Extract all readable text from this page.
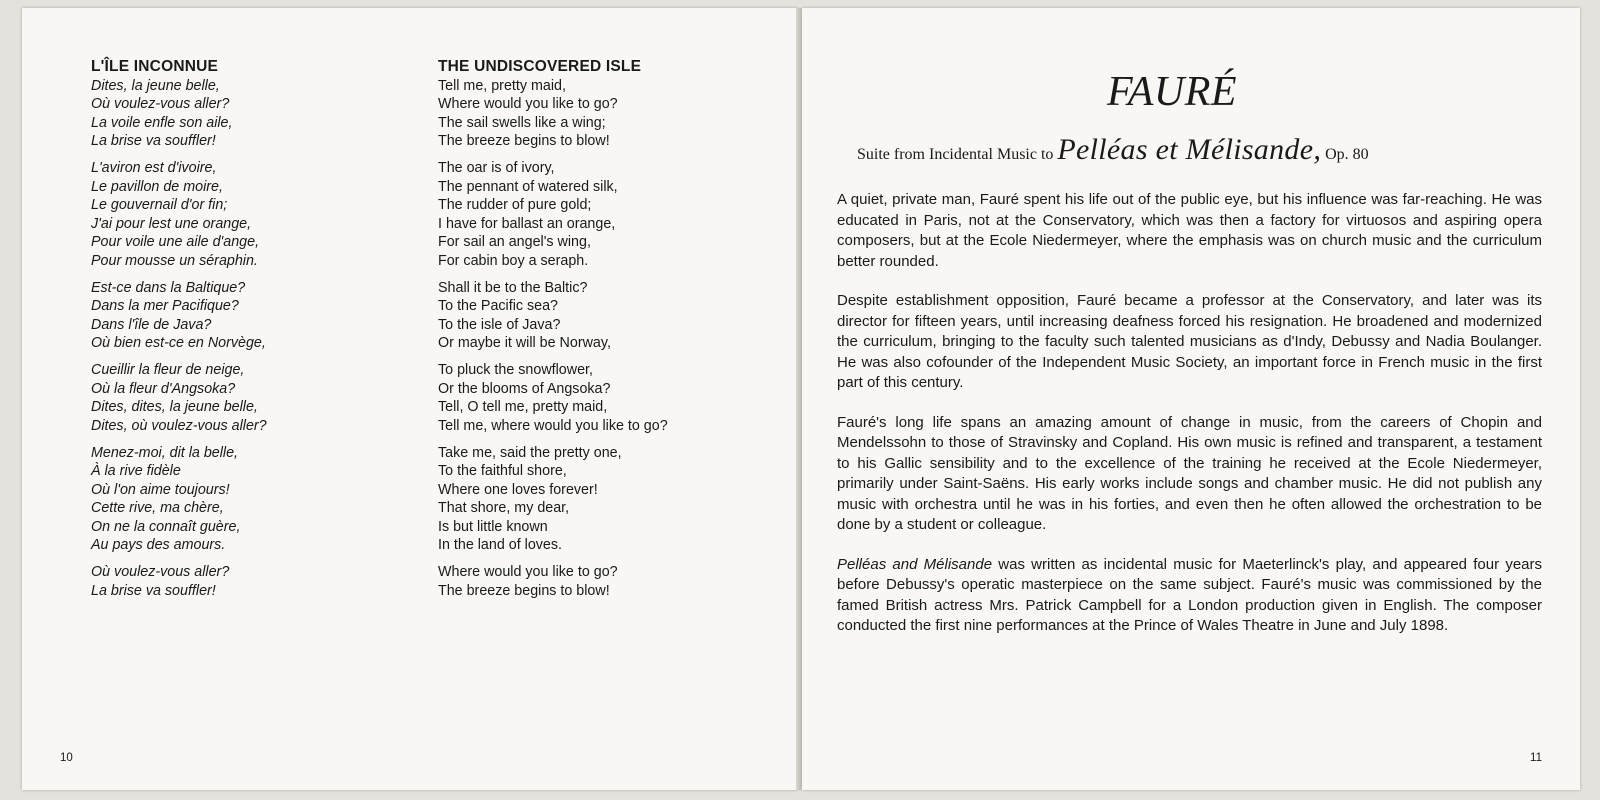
L'ÎLE INCONNUE
Dites, la jeune belle,
Où voulez-vous aller?
La voile enfle son aile,
La brise va souffler!
L'aviron est d'ivoire,
Le pavillon de moire,
Le gouvernail d'or fin;
J'ai pour lest une orange,
Pour voile une aile d'ange,
Pour mousse un séraphin.
Est-ce dans la Baltique?
Dans la mer Pacifique?
Dans l'île de Java?
Où bien est-ce en Norvège,
Cueillir la fleur de neige,
Où la fleur d'Angsoka?
Dites, dites, la jeune belle,
Dites, où voulez-vous aller?
Menez-moi, dit la belle,
À la rive fidèle
Où l'on aime toujours!
Cette rive, ma chère,
On ne la connaît guère,
Au pays des amours.
Où voulez-vous aller?
La brise va souffler!
THE UNDISCOVERED ISLE
Tell me, pretty maid,
Where would you like to go?
The sail swells like a wing;
The breeze begins to blow!
The oar is of ivory,
The pennant of watered silk,
The rudder of pure gold;
I have for ballast an orange,
For sail an angel's wing,
For cabin boy a seraph.
Shall it be to the Baltic?
To the Pacific sea?
To the isle of Java?
Or maybe it will be Norway,
To pluck the snowflower,
Or the blooms of Angsoka?
Tell, O tell me, pretty maid,
Tell me, where would you like to go?
Take me, said the pretty one,
To the faithful shore,
Where one loves forever!
That shore, my dear,
Is but little known
In the land of loves.
Where would you like to go?
The breeze begins to blow!
10
FAURÉ
Suite from Incidental Music to Pelléas et Mélisande, Op. 80

A quiet, private man, Fauré spent his life out of the public eye, but his influence was far-reaching. He was educated in Paris, not at the Conservatory, which was then a factory for virtuosos and aspiring opera composers, but at the Ecole Niedermeyer, where the emphasis was on church music and the curriculum better rounded.

Despite establishment opposition, Fauré became a professor at the Conservatory, and later was its director for fifteen years, until increasing deafness forced his resignation. He broadened and modernized the curriculum, bringing to the faculty such talented musicians as d'Indy, Debussy and Nadia Boulanger. He was also cofounder of the Independent Music Society, an important force in French music in the first part of this century.

Fauré's long life spans an amazing amount of change in music, from the careers of Chopin and Mendelssohn to those of Stravinsky and Copland. His own music is refined and transparent, a testament to his Gallic sensibility and to the excellence of the training he received at the Ecole Niedermeyer, primarily under Saint-Saëns. His early works include songs and chamber music. He did not publish any music with orchestra until he was in his forties, and even then he often allowed the orchestration to be done by a student or colleague.

Pelléas and Mélisande was written as incidental music for Maeterlinck's play, and appeared four years before Debussy's operatic masterpiece on the same subject. Fauré's music was commissioned by the famed British actress Mrs. Patrick Campbell for a London production given in English. The composer conducted the first nine performances at the Prince of Wales Theatre in June and July 1898.

11
